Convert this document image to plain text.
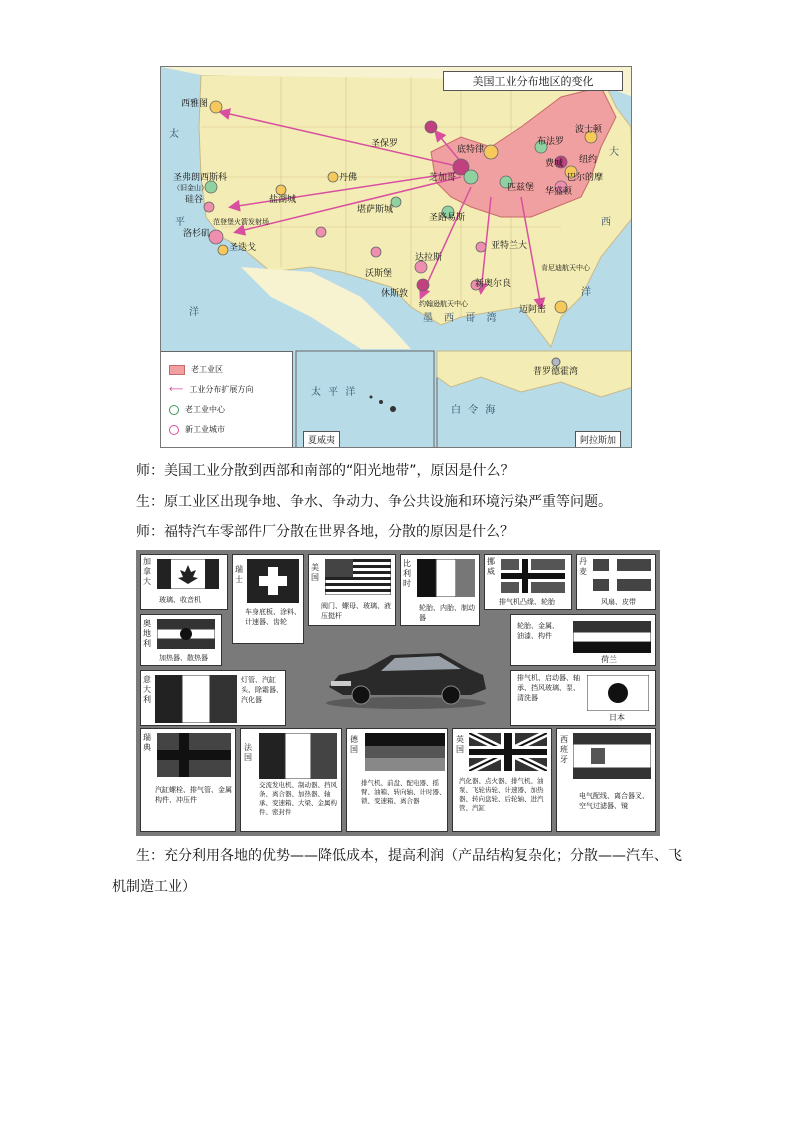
美国工业分布地区的变化
太
平
洋
大
西
洋
墨 西 哥 湾
西雅图
圣弗朗西斯科
（旧金山）
硅谷
范登堡火箭发射场
洛杉矶
圣迭戈
盐湖城
丹佛
圣保罗
底特律
芝加哥
堪萨斯城
圣路易斯
匹兹堡
布法罗
波士顿
费城 纽约
巴尔的摩
华盛顿
亚特兰大
达拉斯
沃斯堡
休斯敦
新奥尔良
迈阿密
约翰逊航天中心
肯尼迪航天中心
太 平 洋
夏威夷
白 令 海
普罗德霍湾
阿拉斯加
老工业区
⟵ 工业分布扩展方向
老工业中心
新工业城市
师：美国工业分散到西部和南部的“阳光地带”，原因是什么？
生：原工业区出现争地、争水、争动力、争公共设施和环境污染严重等问题。
师：福特汽车零部件厂分散在世界各地，分散的原因是什么？
加拿大
玻璃、收音机
瑞士
车身底板、涂料、计速器、齿轮
美国
阀门、螺母、玻璃、液压挺杆
比利时
轮胎、内胎、制动器
挪威
排气机凸缘、轮胎
丹麦
风扇、皮带
奥地利
加热器、散热器
轮胎、金属、油漆、构件
荷兰
意大利
灯管、汽缸头、除霜器、汽化器
排气机、启动器、轴承、挡风玻璃、泵、清洗器
日本
瑞典
汽缸螺栓、排气管、金属构件、冲压件
法国
交流发电机、制动器、挡风条、离合器、加热器、轴承、变速箱、大梁、金属构件、密封件
德国
排气机、前盘、配电器、摇臂、油箱、转向轴、计时器、锁、变速箱、离合器
英国
汽化器、点火器、排气机、油泵、飞轮齿轮、计速器、加热器、转向盘轮、后轮轴、进汽管、汽缸
西班牙
电气配线、离合器叉、空气过滤器、镜
生：充分利用各地的优势——降低成本，提高利润（产品结构复杂化；分散——汽车、飞
机制造工业）
